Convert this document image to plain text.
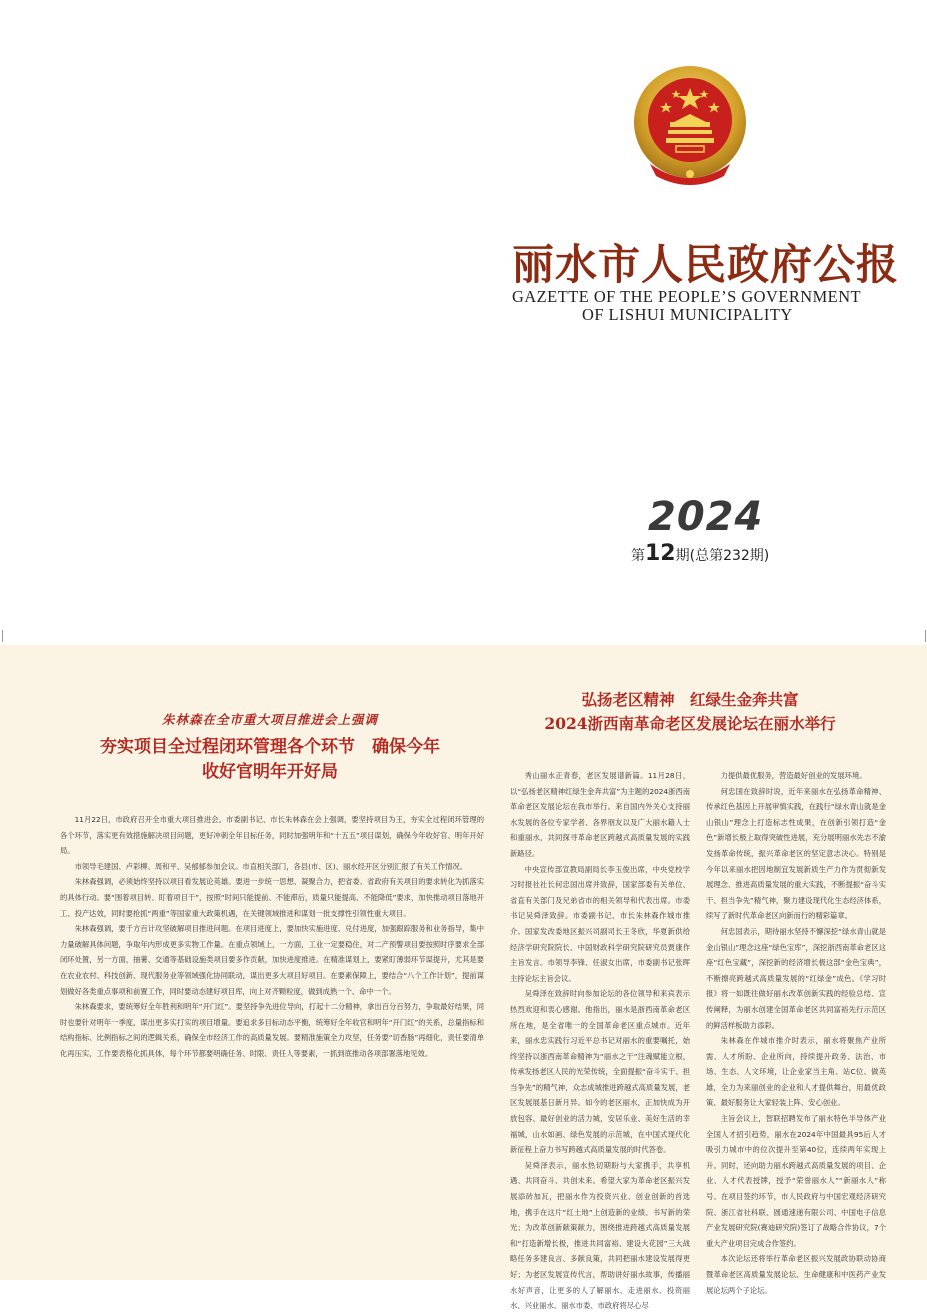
丽水市人民政府公报
GAZETTE OF THE PEOPLE’S GOVERNMENT
OF LISHUI MUNICIPALITY
2024
第12期(总第232期)
朱林森在全市重大项目推进会上强调
夯实项目全过程闭环管理各个环节　确保今年
收好官明年开好局

11月22日，市政府召开全市重大项目推进会。市委副书记、市长朱林森在会上强调，要坚持项目为王，夯实全过程闭环管理的各个环节，落实更有效措施解决项目问题，更好冲刺全年目标任务，同时加强明年和“十五五”项目谋划，确保今年收好官、明年开好局。

市领导毛建国、卢彩柳、周和平、吴郁郁参加会议。市直相关部门，各县(市、区)、丽水经开区分别汇报了有关工作情况。

朱林森强调，必须始终坚持以项目看发展论英雄。要进一步统一思想、凝聚合力，把省委、省政府有关项目的要求转化为抓落实的具体行动。要“围着项目转、盯着项目干”，按照“时间只能提前、不能滞后，质量只能提高、不能降低”要求，加快推动项目落地开工、投产达效，同时要抢抓“两重”等国家重大政策机遇，在关键领域推进和谋划一批支撑性引领性重大项目。

朱林森强调，要千方百计攻坚破解项目推进问题。在项目进度上，要加快实施进度、兑付进度，加强跟踪服务和业务指导，集中力量破解具体问题，争取年内形成更多实物工作量。在重点领域上，一方面，工业一定要稳住，对二产预警项目要按照时序要求全部闭环处置，另一方面，抽薯、交通等基础设施类项目要多作贡献，加快进度推进。在精准谋划上，要紧盯薄弱环节谋提升，尤其是要在农业农村、科技创新、现代服务业等领域强化协同联动，谋出更多大项目好项目。在要素保障上，要结合“八个工作计划”，提前谋划做好各类重点事项和前置工作，同时要动态建好项目库，向上对齐颗粒度，做到成熟一个、命中一个。

朱林森要求，要统筹好全年胜利和明年“开门红”。要坚持争先进位导向，打起十二分精神，拿出百分百努力，争取最好结果，同时也要针对明年一季度，谋出更多实打实的项目增量。要追求多目标动态平衡，统筹好全年收官和明年“开门红”的关系，总量指标和结构指标、比例指标之间的逻辑关系，确保全市经济工作的高质量发展。要精准施策全力攻坚，任务要“切香肠”再细化，责任要清单化再压实，工作要表格化抓具体，每个环节都要明确任务、时限、责任人等要素，一抓到底推动各项部署落地见效。

弘扬老区精神　红绿生金奔共富
2024浙西南革命老区发展论坛在丽水举行

秀山丽水正青春，老区发展谱新篇。11月28日，以“弘扬老区精神红绿生金奔共富”为主题的2024浙西南革命老区发展论坛在我市举行。来自国内外关心支持丽水发展的各位专家学者、各界朋友以及广大丽水籍人士和重丽水，共同探寻革命老区跨越式高质量发展的实践新路径。

中央宣传部宣教局副局长李玉俊出席，中央党校学习时报社社长何忠国出席并致辞，国家部委有关单位、省直有关部门及兄弟省市的相关领导和代表出席。市委书记吴舜泽致辞。市委副书记、市长朱林森作城市推介。国家发改委地区振兴司副司长王冬欣，华夏新供给经济学研究院院长、中国财政科学研究院研究员贾康作主旨发言。市领导李锋、任淑女出席，市委副书记张晖主持论坛主旨会议。

吴舜泽在致辞时向参加论坛的各位领导和来宾表示热烈欢迎和衷心感谢。他指出，丽水是浙西南革命老区所在地，是全省唯一的全国革命老区重点城市。近年来，丽水忠实践行习近平总书记对丽水的重要嘱托，始终坚持以浙西南革命精神为“丽水之干”注魂赋能立根，传承发扬老区人民的光荣传统，全面提振“奋斗实干、担当争先”的精气神，众志成城推进跨越式高质量发展，老区发展展基日新月异。如今的老区丽水，正加快成为开放包容、最好创业的活力城，安居乐业、美好生活的幸福城，山水如画、绿色发展的示范城，在中国式现代化新征程上奋力书写跨越式高质量发展的时代答卷。

吴舜泽表示，丽水热切期盼与大家携手，共享机遇、共同奋斗、共创未来。希望大家为革命老区振兴发展添砖加瓦，把丽水作为投资兴业、创业创新的首选地，携手在这片“红土地”上创造新的业绩、书写新的荣光；为改革创新献策献力，围绕推进跨越式高质量发展和“打造新增长极，推进共同富裕、建设大花园”三大战略任务多建良言、多献良策，共同把丽水建设发展得更好；为老区发展宣传代言，帮助讲好丽水故事，传播丽水好声音，让更多的人了解丽水、走进丽水、投资丽水、兴业丽水。丽水市委、市政府将尽心尽

力提供最优服务，营造最好创业的发展环境。

何忠国在致辞时说，近年来丽水在弘扬革命精神、传承红色基因上开展审慎实践，在践行“绿水青山就是金山银山”理念上打造标志性成果，在创新引领打造“金色”新增长极上取得突破性进展，充分展明丽水先志不渝发扬革命传统，振兴革命老区的坚定意志决心。特别是今年以来丽水把因地制宜发展新质生产力作为贯彻新发展理念、推进高质量发展的重大实践，不断提振“奋斗实干、担当争先”精气神，聚力建设现代化生态经济体系，续写了新时代革命老区向新而行的精彩篇章。

何忠国表示，期待丽水坚持不懈深挖“绿水青山就是金山银山”理念这座“绿色宝库”，深挖浙西南革命老区这座“红色宝藏”，深挖新的经济增长极这部“金色宝典”，不断擦亮跨越式高质量发展的“红绿金”成色。《学习时报》将一如既往做好丽水改革创新实践的经验总结、宣传阐释，为丽水创建全国革命老区共同富裕先行示范区的鲜活样板助力添彩。

朱林森在作城市推介时表示，丽水将聚焦产业所需、人才所盼、企业所向，持续提升政务、法治、市场、生态、人文环境，让企业家当主角、站C位、做英雄，全力为来丽创业的企业和人才提供舞台，用最优政策、最好服务让大家轻装上阵、安心创业。

主旨会议上，智联招聘发布了丽水特色半导体产业全国人才招引趋势，丽水在2024年中国最具95后人才吸引力城市中的位次提升至第40位，连续两年实现上升。同时，还向助力丽水跨越式高质量发展的项目、企业、人才代表授牌，授予“荣誉丽水人”“新丽水人”称号。在项目签约环节，市人民政府与中国宏观经济研究院、浙江省社科联、圆通速递有限公司、中国电子信息产业发展研究院(赛迪研究院)签订了战略合作协议，7个重大产业项目完成合作签约。

本次论坛还将举行革命老区振兴发展政协联动协商暨革命老区高质量发展论坛、生命健康和中医药产业发展论坛两个子论坛。
